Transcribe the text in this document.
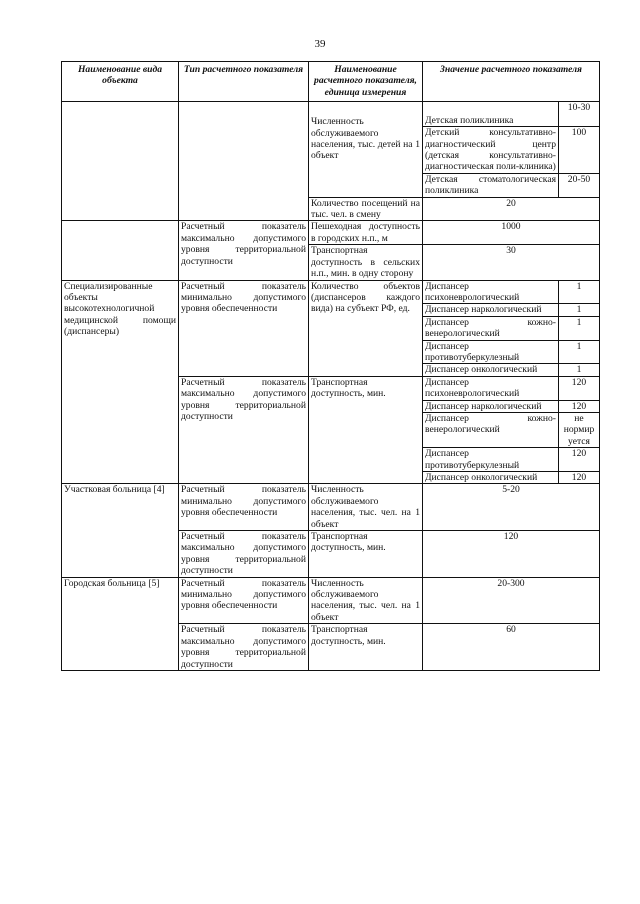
39
Наименование вида объекта	Тип расчетного показателя	Наименование расчетного показателя, единица измерения	Значение расчетного показателя
		Численность обслуживаемого населения, тыс. детей на 1 объект	
Детская поликлиника	10-30
Детский консультативно-диагностический центр (детская консультативно-диагностическая поли-клиника)	100
Детская стоматологическая поликлиника	20-50

Количество посещений на тыс. чел. в смену	20
	Расчетный показатель максимально допустимого уровня территориальной доступности	Пешеходная доступность в городских н.п., м	1000
Транспортная доступность в сельских н.п., мин. в одну сторону	30
Специализированные объекты высокотехнологичной медицинской помощи (диспансеры)	Расчетный показатель минимально допустимого уровня обеспеченности	Количество объектов (диспансеров каждого вида) на субъект РФ, ед.	
Диспансер психоневрологический	1
Диспансер наркологический	1
Диспансер кожно-венерологический	1
Диспансер противотуберкулезный	1
Диспансер онкологический	1

Расчетный показатель максимально допустимого уровня территориальной доступности	Транспортная доступность, мин.	
Диспансер психоневрологический	120
Диспансер наркологический	120
Диспансер кожно-венерологический	не нормир уется
Диспансер противотуберкулезный	120
Диспансер онкологический	120

Участковая больница [4]	Расчетный показатель минимально допустимого уровня обеспеченности	Численность обслуживаемого населения, тыс. чел. на 1 объект	5-20
Расчетный показатель максимально допустимого уровня территориальной доступности	Транспортная доступность, мин.	120
Городская больница [5]	Расчетный показатель минимально допустимого уровня обеспеченности	Численность обслуживаемого населения, тыс. чел. на 1 объект	20-300
Расчетный показатель максимально допустимого уровня территориальной доступности	Транспортная доступность, мин.	60
